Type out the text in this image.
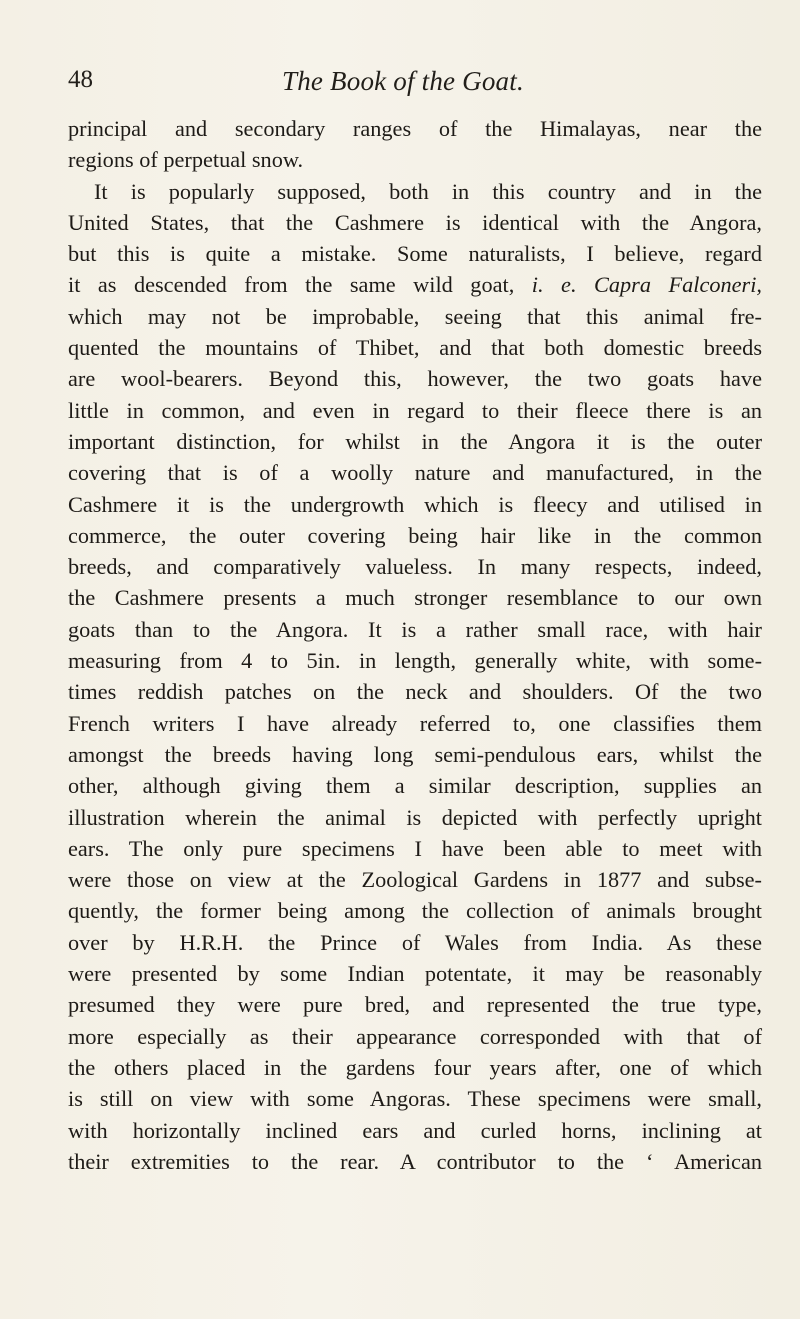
48	The Book of the Goat.
principal and secondary ranges of the Himalayas, near the
regions of perpetual snow.
It is popularly supposed, both in this country and in the
United States, that the Cashmere is identical with the Angora,
but this is quite a mistake. Some naturalists, I believe, regard
it as descended from the same wild goat, i. e. Capra Falconeri,
which may not be improbable, seeing that this animal fre-
quented the mountains of Thibet, and that both domestic breeds
are wool-bearers. Beyond this, however, the two goats have
little in common, and even in regard to their fleece there is an
important distinction, for whilst in the Angora it is the outer
covering that is of a woolly nature and manufactured, in the
Cashmere it is the undergrowth which is fleecy and utilised in
commerce, the outer covering being hair like in the common
breeds, and comparatively valueless. In many respects, indeed,
the Cashmere presents a much stronger resemblance to our own
goats than to the Angora. It is a rather small race, with hair
measuring from 4 to 5in. in length, generally white, with some-
times reddish patches on the neck and shoulders. Of the two
French writers I have already referred to, one classifies them
amongst the breeds having long semi-pendulous ears, whilst the
other, although giving them a similar description, supplies an
illustration wherein the animal is depicted with perfectly upright
ears. The only pure specimens I have been able to meet with
were those on view at the Zoological Gardens in 1877 and subse-
quently, the former being among the collection of animals brought
over by H.R.H. the Prince of Wales from India. As these
were presented by some Indian potentate, it may be reasonably
presumed they were pure bred, and represented the true type,
more especially as their appearance corresponded with that of
the others placed in the gardens four years after, one of which
is still on view with some Angoras. These specimens were small,
with horizontally inclined ears and curled horns, inclining at
their extremities to the rear. A contributor to the ‘ American
